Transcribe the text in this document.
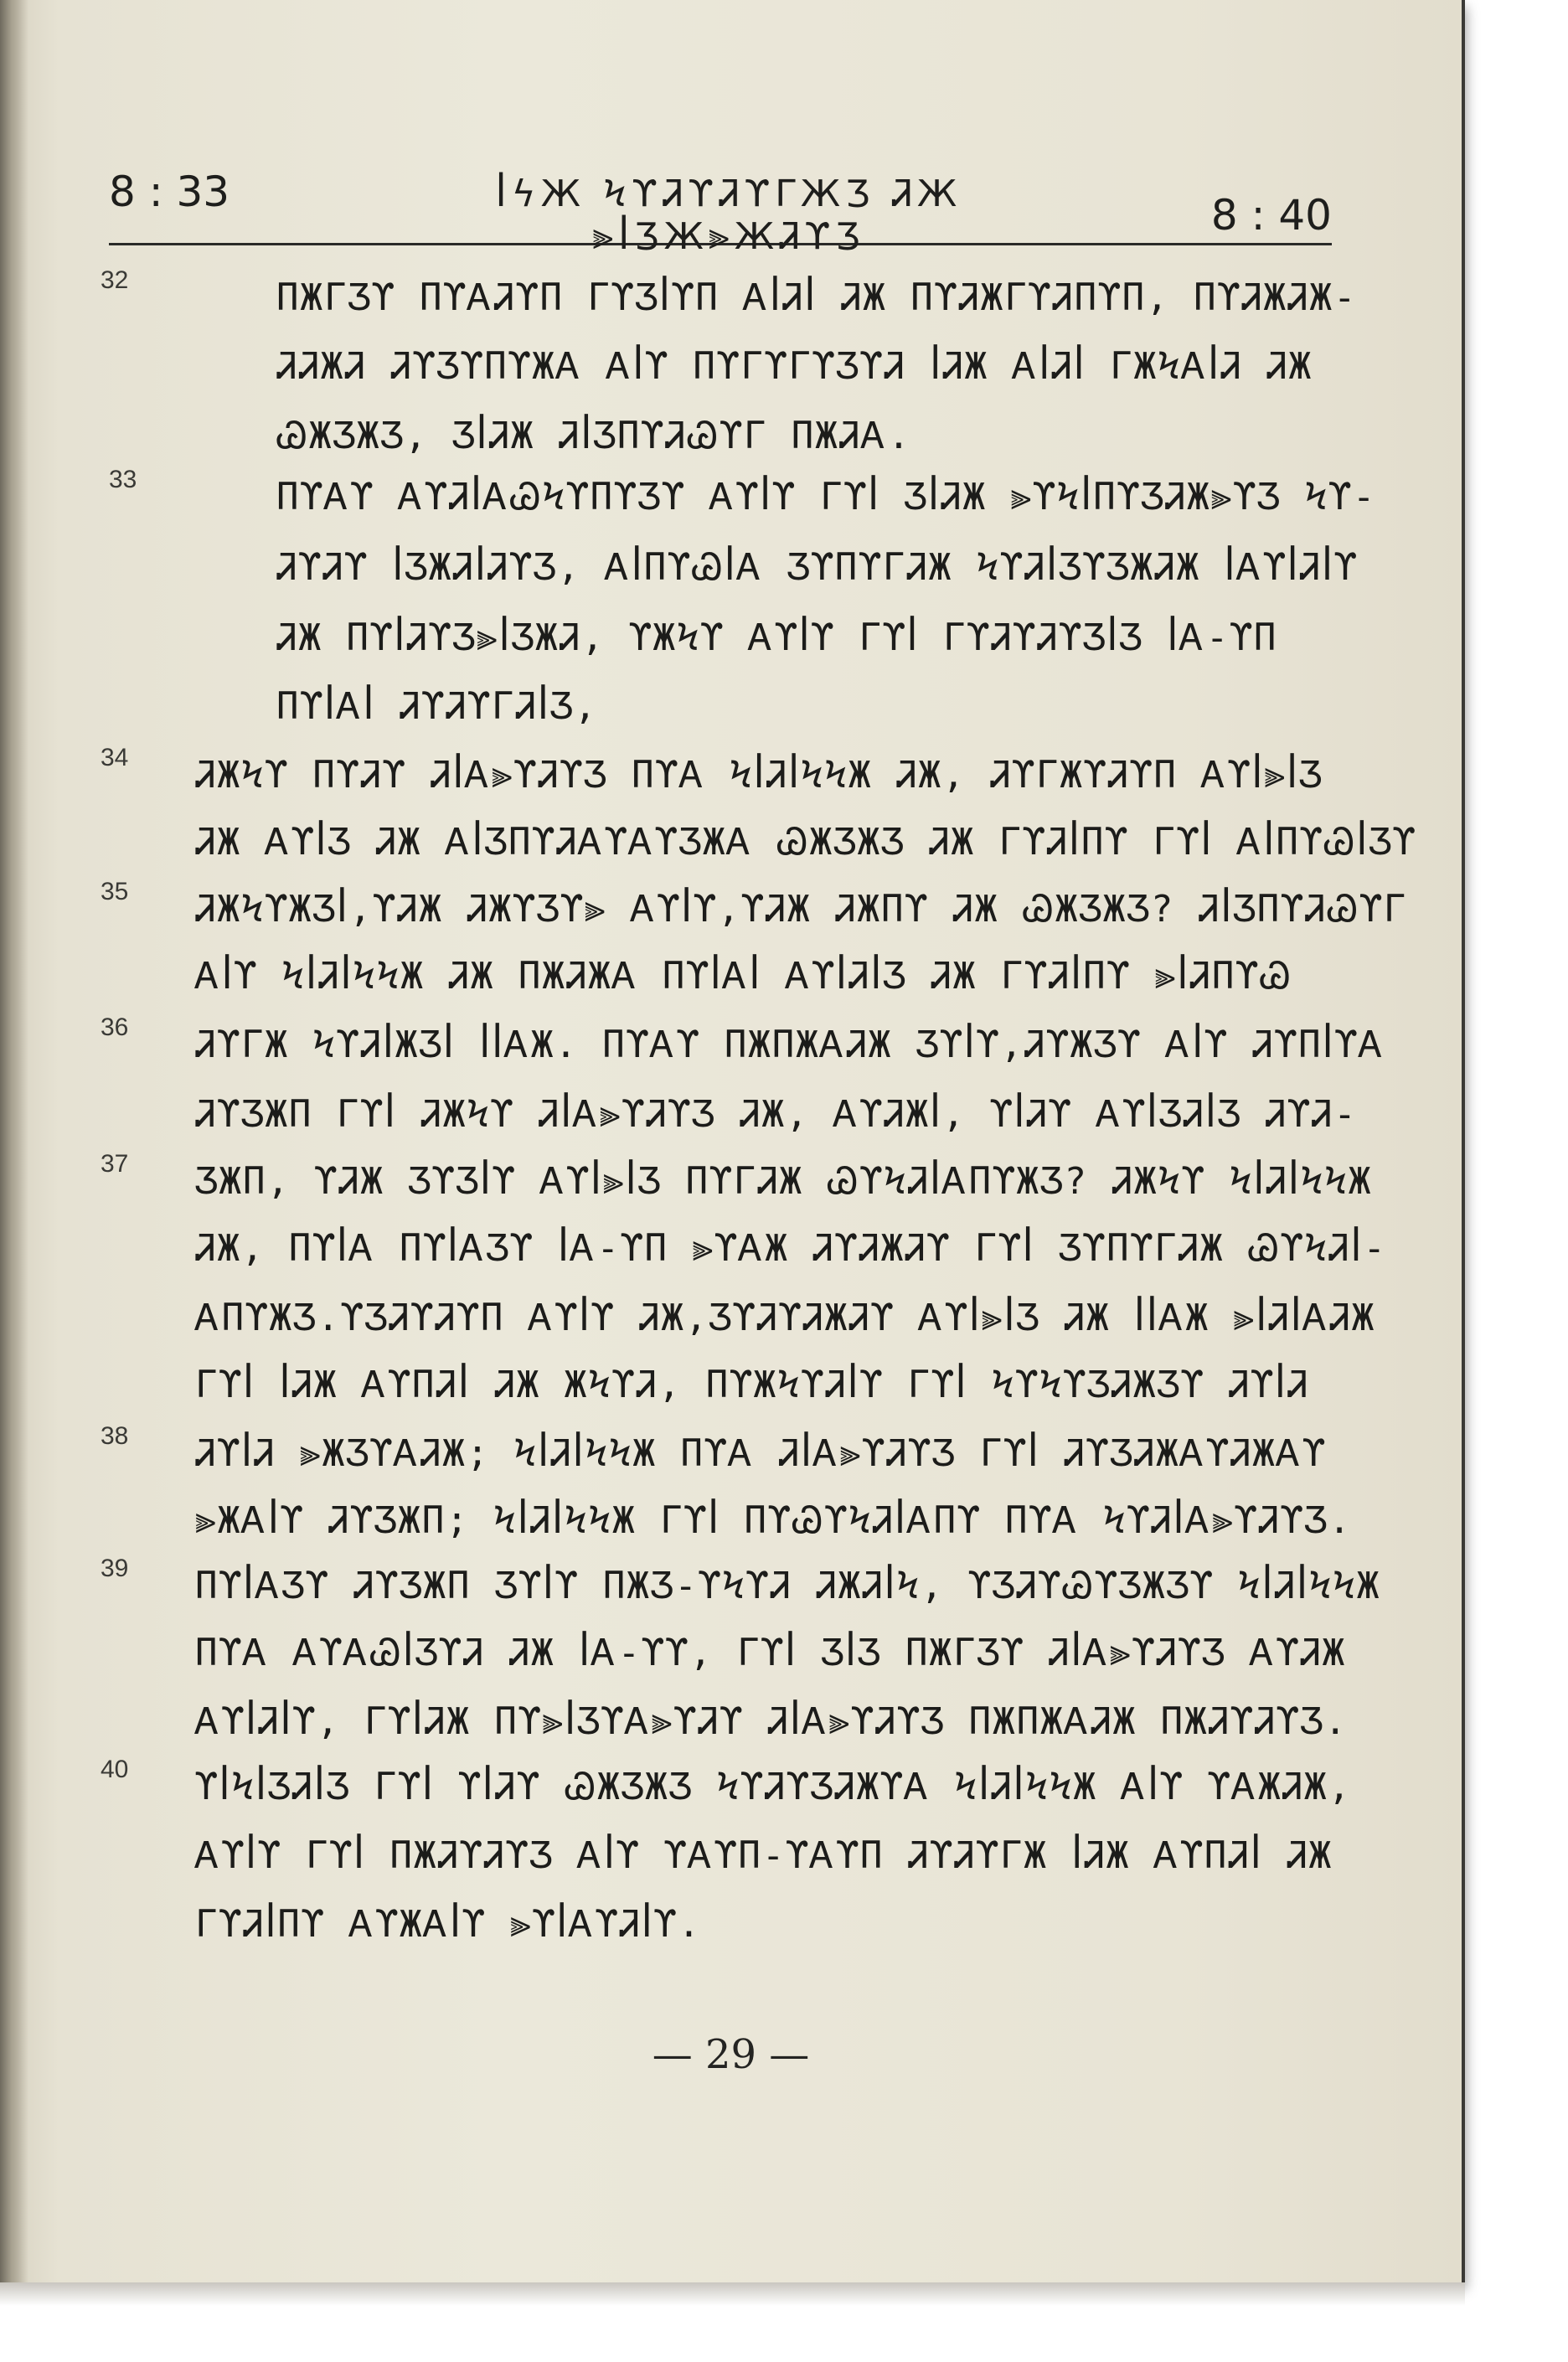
8 : 33	ꟾϟЖ ϞϒᏘϒᏘϒΓЖƷ ᏘЖ ⫸ꟾƷЖ⫸ЖᏘϒƷ	8 : 40
32	ΠЖΓƷϒ ΠϒᎪᏘϒΠ ΓϒƷꟾϒΠ ᎪꟾᏘꟾ ᏘЖ ΠϒᏘЖΓϒᏘΠϒΠ, ΠϒᏘЖᏘЖ-
ᏘᏘЖᏘ ᏘϒƷϒΠϒЖᎪ Ꭺꟾϒ ΠϒΓϒΓϒƷϒᏘ ꟾᏘЖ ᎪꟾᏘꟾ ΓЖϞᎪꟾᏘ ᏘЖ
ᏊЖƷЖƷ, ƷꟾᏘЖ ᏘꟾƷΠϒᏘᏊϒΓ ΠЖᏘᎪ.
33	ΠϒᎪϒ ᎪϒᏘꟾᎪᏊϞϒΠϒƷϒ Ꭺϒꟾϒ Γϒꟾ ƷꟾᏘЖ ⫸ϒϞꟾΠϒƷᏘЖ⫸ϒƷ Ϟϒ-
ᏘϒᏘϒ ꟾƷЖᏘꟾᏘϒƷ, ᎪꟾΠϒᏊꟾᎪ ƷϒΠϒΓᏘЖ ϞϒᏘꟾƷϒƷЖᏘЖ ꟾᎪϒꟾᏘꟾϒ
ᏘЖ ΠϒꟾᏘϒƷ⫸ꟾƷЖᏘ, ϒЖϞϒ Ꭺϒꟾϒ Γϒꟾ ΓϒᏘϒᏘϒƷꟾƷ ꟾᎪ-ϒΠ
ΠϒꟾᎪꟾ ᏘϒᏘϒΓᏘꟾƷ,
34 ᏘЖϞϒ ΠϒᏘϒ ᏘꟾᎪ⫸ϒᏘϒƷ ΠϒᎪ ϞꟾᏘꟾϞϞЖ ᏘЖ, ᏘϒΓЖϒᏘϒΠ Ꭺϒꟾ⫸ꟾƷ
ᏘЖ ᎪϒꟾƷ ᏘЖ ᎪꟾƷΠϒᏘᎪϒᎪϒƷЖᎪ ᏊЖƷЖƷ ᏘЖ ΓϒᏘꟾΠϒ Γϒꟾ ᎪꟾΠϒᏊꟾƷϒ
35 ᏘЖϞϒЖƷꟾ,ϒᏘЖ ᏘЖϒƷϒ⫸ Ꭺϒꟾϒ,ϒᏘЖ ᏘЖΠϒ ᏘЖ ᏊЖƷЖƷ? ᏘꟾƷΠϒᏘᏊϒΓ
Ꭺꟾϒ ϞꟾᏘꟾϞϞЖ ᏘЖ ΠЖᏘЖᎪ ΠϒꟾᎪꟾ ᎪϒꟾᏘꟾƷ ᏘЖ ΓϒᏘꟾΠϒ ⫸ꟾᏘΠϒᏊ
36 ᏘϒΓЖ ϞϒᏘꟾЖƷꟾ ꟾꟾᎪЖ. ΠϒᎪϒ ΠЖΠЖᎪᏘЖ Ʒϒꟾϒ,ᏘϒЖƷϒ Ꭺꟾϒ ᏘϒΠꟾϒᎪ
ᏘϒƷЖΠ Γϒꟾ ᏘЖϞϒ ᏘꟾᎪ⫸ϒᏘϒƷ ᏘЖ, ᎪϒᏘЖꟾ, ϒꟾᏘϒ ᎪϒꟾƷᏘꟾƷ ᏘϒᏘ-
37 ƷЖΠ, ϒᏘЖ ƷϒƷꟾϒ Ꭺϒꟾ⫸ꟾƷ ΠϒΓᏘЖ ᏊϒϞᏘꟾᎪΠϒЖƷ? ᏘЖϞϒ ϞꟾᏘꟾϞϞЖ
ᏘЖ, ΠϒꟾᎪ ΠϒꟾᎪƷϒ ꟾᎪ-ϒΠ ⫸ϒᎪЖ ᏘϒᏘЖᏘϒ Γϒꟾ ƷϒΠϒΓᏘЖ ᏊϒϞᏘꟾ-
ᎪΠϒЖƷ.ϒƷᏘϒᏘϒΠ Ꭺϒꟾϒ ᏘЖ,ƷϒᏘϒᏘЖᏘϒ Ꭺϒꟾ⫸ꟾƷ ᏘЖ ꟾꟾᎪЖ ⫸ꟾᏘꟾᎪᏘЖ
Γϒꟾ ꟾᏘЖ ᎪϒΠᏘꟾ ᏘЖ ЖϞϒᏘ, ΠϒЖϞϒᏘꟾϒ Γϒꟾ ϞϒϞϒƷᏘЖƷϒ ᏘϒꟾᏘ
38 ᏘϒꟾᏘ ⫸ЖƷϒᎪᏘЖ; ϞꟾᏘꟾϞϞЖ ΠϒᎪ ᏘꟾᎪ⫸ϒᏘϒƷ Γϒꟾ ᏘϒƷᏘЖᎪϒᏘЖᎪϒ
⫸ЖᎪꟾϒ ᏘϒƷЖΠ; ϞꟾᏘꟾϞϞЖ Γϒꟾ ΠϒᏊϒϞᏘꟾᎪΠϒ ΠϒᎪ ϞϒᏘꟾᎪ⫸ϒᏘϒƷ.
39 ΠϒꟾᎪƷϒ ᏘϒƷЖΠ Ʒϒꟾϒ ΠЖƷ-ϒϞϒᏘ ᏘЖᏘꟾϞ, ϒƷᏘϒᏊϒƷЖƷϒ ϞꟾᏘꟾϞϞЖ
ΠϒᎪ ᎪϒᎪᏊꟾƷϒᏘ ᏘЖ ꟾᎪ-ϒϒ, Γϒꟾ ƷꟾƷ ΠЖΓƷϒ ᏘꟾᎪ⫸ϒᏘϒƷ ᎪϒᏘЖ
ᎪϒꟾᏘꟾϒ, ΓϒꟾᏘЖ Πϒ⫸ꟾƷϒᎪ⫸ϒᏘϒ ᏘꟾᎪ⫸ϒᏘϒƷ ΠЖΠЖᎪᏘЖ ΠЖᏘϒᏘϒƷ.
40 ϒꟾϞꟾƷᏘꟾƷ Γϒꟾ ϒꟾᏘϒ ᏊЖƷЖƷ ϞϒᏘϒƷᏘЖϒᎪ ϞꟾᏘꟾϞϞЖ Ꭺꟾϒ ϒᎪЖᏘЖ,
Ꭺϒꟾϒ Γϒꟾ ΠЖᏘϒᏘϒƷ Ꭺꟾϒ ϒᎪϒΠ-ϒᎪϒΠ ᏘϒᏘϒΓЖ ꟾᏘЖ ᎪϒΠᏘꟾ ᏘЖ
ΓϒᏘꟾΠϒ ᎪϒЖᎪꟾϒ ⫸ϒꟾᎪϒᏘꟾϒ.
— 29 —
